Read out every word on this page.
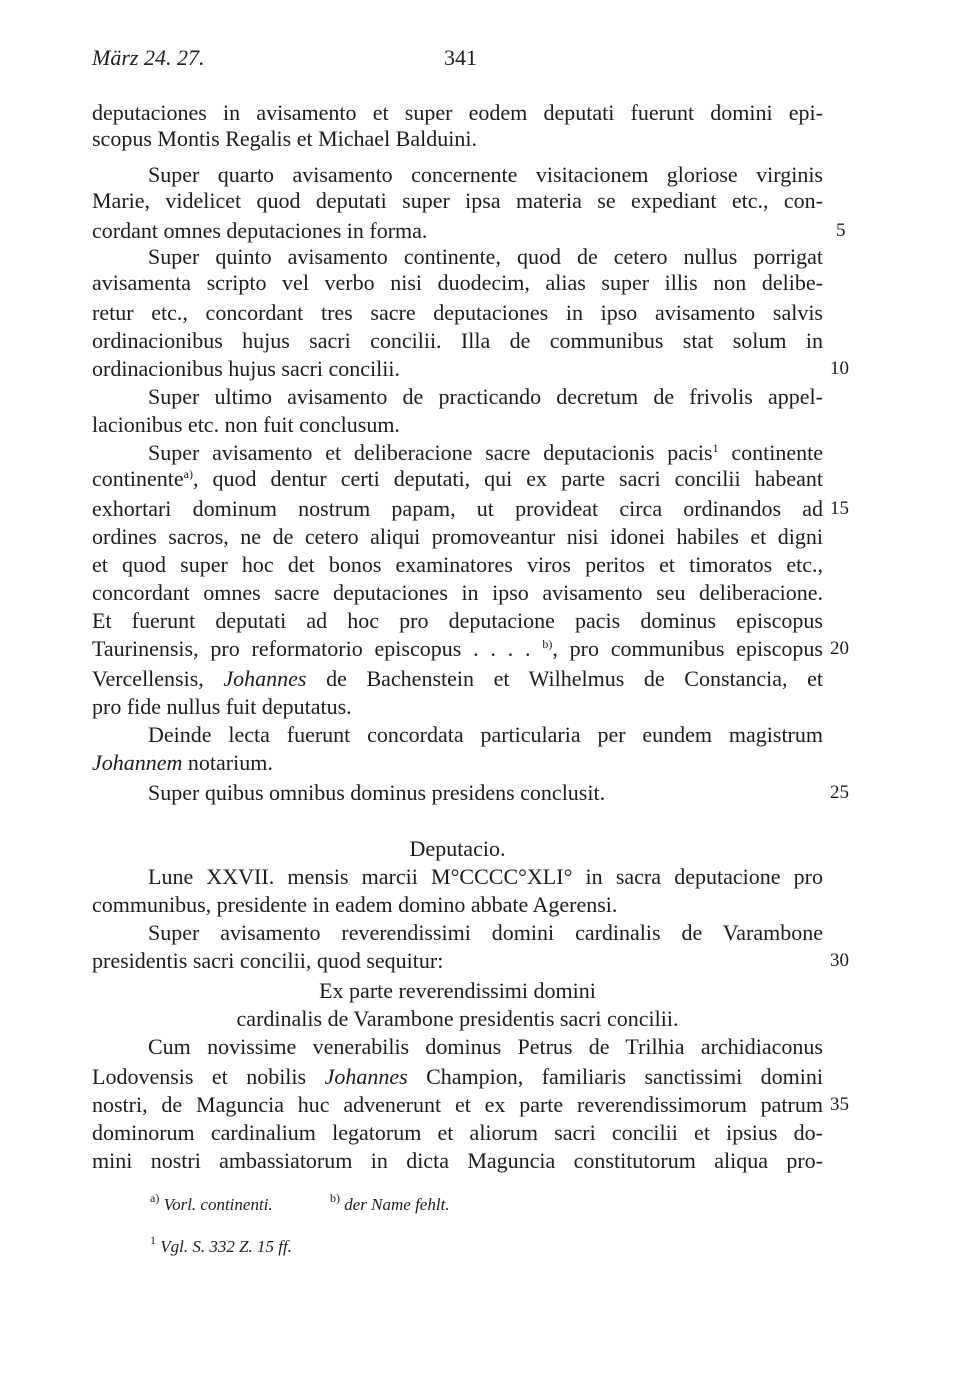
März 24. 27.	341
deputaciones in avisamento et super eodem deputati fuerunt domini epi-
scopus Montis Regalis et Michael Balduini.
Super quarto avisamento concernente visitacionem gloriose virginis
Marie, videlicet quod deputati super ipsa materia se expediant etc., con-
cordant omnes deputaciones in forma.
Super quinto avisamento continente, quod de cetero nullus porrigat
avisamenta scripto vel verbo nisi duodecim, alias super illis non delibe-
retur etc., concordant tres sacre deputaciones in ipso avisamento salvis
ordinacionibus hujus sacri concilii. Illa de communibus stat solum in
ordinacionibus hujus sacri concilii.
Super ultimo avisamento de practicando decretum de frivolis appel-
lacionibus etc. non fuit conclusum.
Super avisamento et deliberacione sacre deputacionis pacis$^1$ continente
continente$^{a)}$, quod dentur certi deputati, qui ex parte sacri concilii habeant
exhortari dominum nostrum papam, ut provideat circa ordinandos ad
ordines sacros, ne de cetero aliqui promoveantur nisi idonei habiles et digni
et quod super hoc det bonos examinatores viros peritos et timoratos etc.,
concordant omnes sacre deputaciones in ipso avisamento seu deliberacione.
Et fuerunt deputati ad hoc pro deputacione pacis dominus episcopus
Taurinensis, pro reformatorio episcopus . . . . $^{b)}$, pro communibus episcopus
Vercellensis, Johannes de Bachenstein et Wilhelmus de Constancia, et
pro fide nullus fuit deputatus.
Deinde lecta fuerunt concordata particularia per eundem magistrum
Johannem notarium.
Super quibus omnibus dominus presidens conclusit.
Deputacio.
Lune XXVII. mensis marcii M°CCCC°XLI° in sacra deputacione pro
communibus, presidente in eadem domino abbate Agerensi.
Super avisamento reverendissimi domini cardinalis de Varambone
presidentis sacri concilii, quod sequitur:
Ex parte reverendissimi domini
cardinalis de Varambone presidentis sacri concilii.
Cum novissime venerabilis dominus Petrus de Trilhia archidiaconus
Lodovensis et nobilis Johannes Champion, familiaris sanctissimi domini
nostri, de Maguncia huc advenerunt et ex parte reverendissimorum patrum
dominorum cardinalium legatorum et aliorum sacri concilii et ipsius do-
mini nostri ambassiatorum in dicta Maguncia constitutorum aliqua pro-
5
10
15
20
25
30
35
$^{a)}$ Vorl. continenti.	$^{b)}$ der Name fehlt.
$^1$ Vgl. S. 332 Z. 15 ff.
